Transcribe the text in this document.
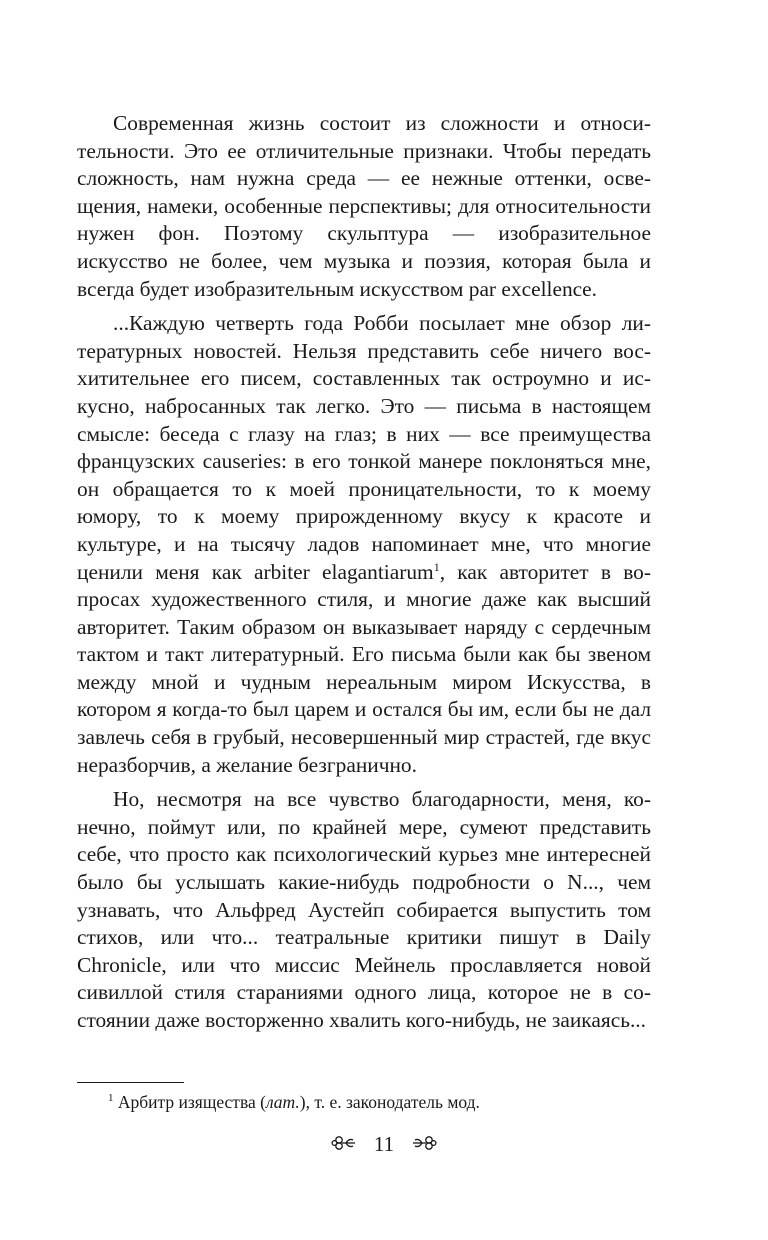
Современная жизнь состоит из сложности и относительности. Это ее отличительные признаки. Чтобы передать сложность, нам нужна среда — ее нежные оттенки, освещения, намеки, особенные перспективы; для относительности нужен фон. Поэтому скульптура — изобразительное искусство не более, чем музыка и поэзия, которая была и всегда будет изобразительным искусством par excellence.

...Каждую четверть года Робби посылает мне обзор литературных новостей. Нельзя представить себе ничего восхитительнее его писем, составленных так остроумно и искусно, набросанных так легко. Это — письма в настоящем смысле: беседа с глазу на глаз; в них — все преимущества французских causeries: в его тонкой манере поклоняться мне, он обращается то к моей проницательности, то к моему юмору, то к моему прирожденному вкусу к красоте и культуре, и на тысячу ладов напоминает мне, что многие ценили меня как arbiter elagantiarum$^1$, как авторитет в вопросах художественного стиля, и многие даже как высший авторитет. Таким образом он выказывает наряду с сердечным тактом и такт литературный. Его письма были как бы звеном между мной и чудным нереальным миром Искусства, в котором я когда-то был царем и остался бы им, если бы не дал завлечь себя в грубый, несовершенный мир страстей, где вкус неразборчив, а желание безгранично.

Но, несмотря на все чувство благодарности, меня, конечно, поймут или, по крайней мере, сумеют представить себе, что просто как психологический курьез мне интересней было бы услышать какие-нибудь подробности о N..., чем узнавать, что Альфред Аустейп собирается выпустить том стихов, или что... театральные критики пишут в Daily Chronicle, или что миссис Мейнель прославляется новой сивиллой стиля стараниями одного лица, которое не в состоянии даже восторженно хвалить кого-нибудь, не заикаясь...

$^1$ Арбитр изящества (лат.), т. е. законодатель мод.
11
